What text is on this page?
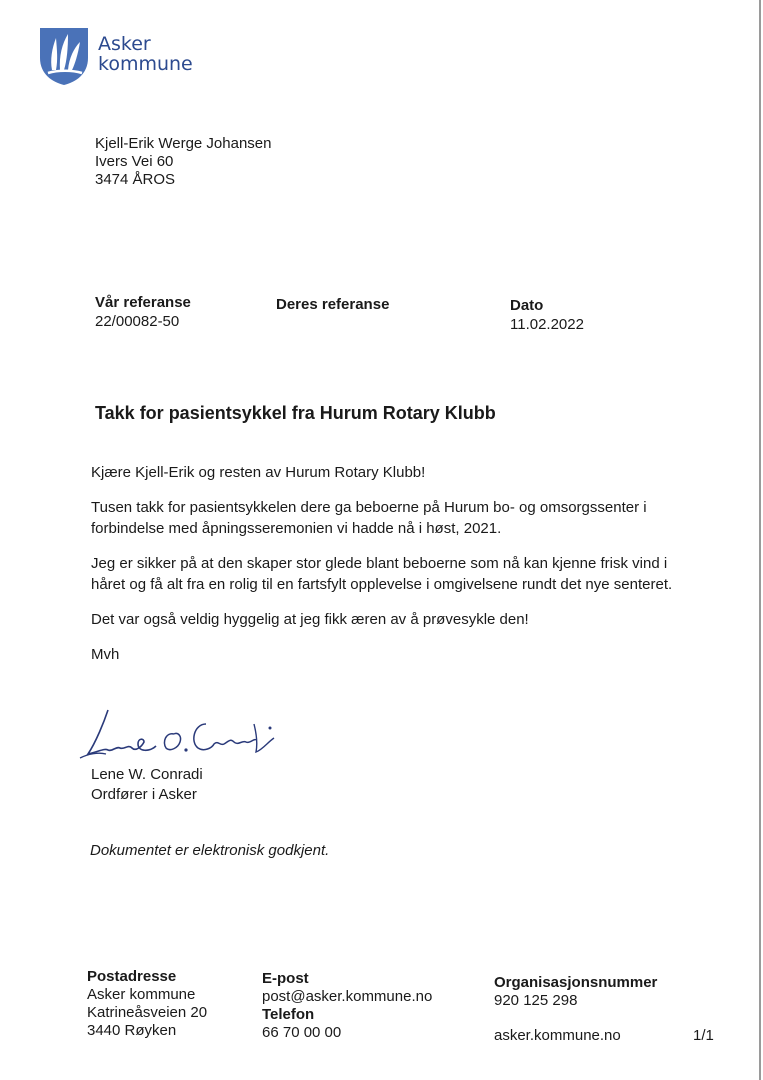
Asker
kommune
Kjell-Erik Werge Johansen
Ivers Vei 60
3474 ÅROS
Vår referanse
22/00082-50
Deres referanse	Dato
11.02.2022
Takk for pasientsykkel fra Hurum Rotary Klubb

Kjære Kjell-Erik og resten av Hurum Rotary Klubb!

Tusen takk for pasientsykkelen dere ga beboerne på Hurum bo- og omsorgssenter i forbindelse med åpningsseremonien vi hadde nå i høst, 2021.

Jeg er sikker på at den skaper stor glede blant beboerne som nå kan kjenne frisk vind i håret og få alt fra en rolig til en fartsfylt opplevelse i omgivelsene rundt det nye senteret.

Det var også veldig hyggelig at jeg fikk æren av å prøvesykle den!

Mvh

Lene W. Conradi
Ordfører i Asker
Dokumentet er elektronisk godkjent.
Postadresse
Asker kommune
Katrineåsveien 20
3440 Røyken
E-post
post@asker.kommune.no
Telefon
66 70 00 00
Organisasjonsnummer
920 125 298
asker.kommune.no	1/1
